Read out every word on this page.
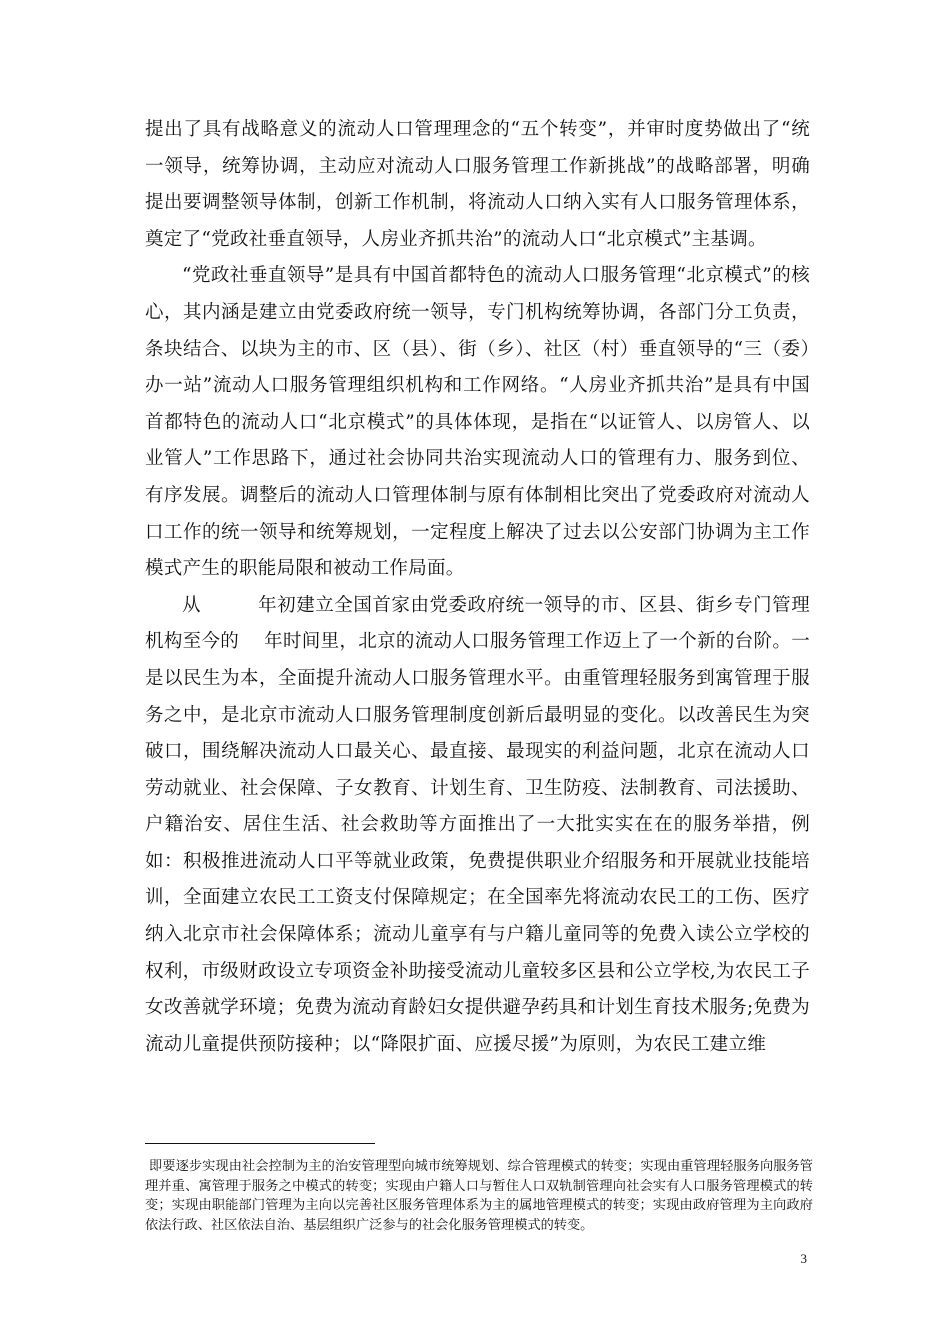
提出了具有战略意义的流动人口管理理念的“五个转变”，并审时度势做出了“统一领导，统筹协调，主动应对流动人口服务管理工作新挑战”的战略部署，明确提出要调整领导体制，创新工作机制，将流动人口纳入实有人口服务管理体系，奠定了“党政社垂直领导，人房业齐抓共治”的流动人口“北京模式”主基调。

“党政社垂直领导”是具有中国首都特色的流动人口服务管理“北京模式”的核心，其内涵是建立由党委政府统一领导，专门机构统筹协调，各部门分工负责，条块结合、以块为主的市、区（县）、街（乡）、社区（村）垂直领导的“三（委）办一站”流动人口服务管理组织机构和工作网络。“人房业齐抓共治”是具有中国首都特色的流动人口“北京模式”的具体体现，是指在“以证管人、以房管人、以业管人”工作思路下，通过社会协同共治实现流动人口的管理有力、服务到位、有序发展。调整后的流动人口管理体制与原有体制相比突出了党委政府对流动人口工作的统一领导和统筹规划，一定程度上解决了过去以公安部门协调为主工作模式产生的职能局限和被动工作局面。

从　　　年初建立全国首家由党委政府统一领导的市、区县、街乡专门管理机构至今的　 年时间里，北京的流动人口服务管理工作迈上了一个新的台阶。一是以民生为本，全面提升流动人口服务管理水平。由重管理轻服务到寓管理于服务之中，是北京市流动人口服务管理制度创新后最明显的变化。以改善民生为突破口，围绕解决流动人口最关心、最直接、最现实的利益问题，北京在流动人口劳动就业、社会保障、子女教育、计划生育、卫生防疫、法制教育、司法援助、户籍治安、居住生活、社会救助等方面推出了一大批实实在在的服务举措，例如：积极推进流动人口平等就业政策，免费提供职业介绍服务和开展就业技能培训，全面建立农民工工资支付保障规定；在全国率先将流动农民工的工伤、医疗纳入北京市社会保障体系；流动儿童享有与户籍儿童同等的免费入读公立学校的权利，市级财政设立专项资金补助接受流动儿童较多区县和公立学校,为农民工子女改善就学环境；免费为流动育龄妇女提供避孕药具和计划生育技术服务;免费为流动儿童提供预防接种；以“降限扩面、应援尽援”为原则，为农民工建立维

即要逐步实现由社会控制为主的治安管理型向城市统筹规划、综合管理模式的转变；实现由重管理轻服务向服务管理并重、寓管理于服务之中模式的转变；实现由户籍人口与暂住人口双轨制管理向社会实有人口服务管理模式的转变；实现由职能部门管理为主向以完善社区服务管理体系为主的属地管理模式的转变；实现由政府管理为主向政府依法行政、社区依法自治、基层组织广泛参与的社会化服务管理模式的转变。

3
